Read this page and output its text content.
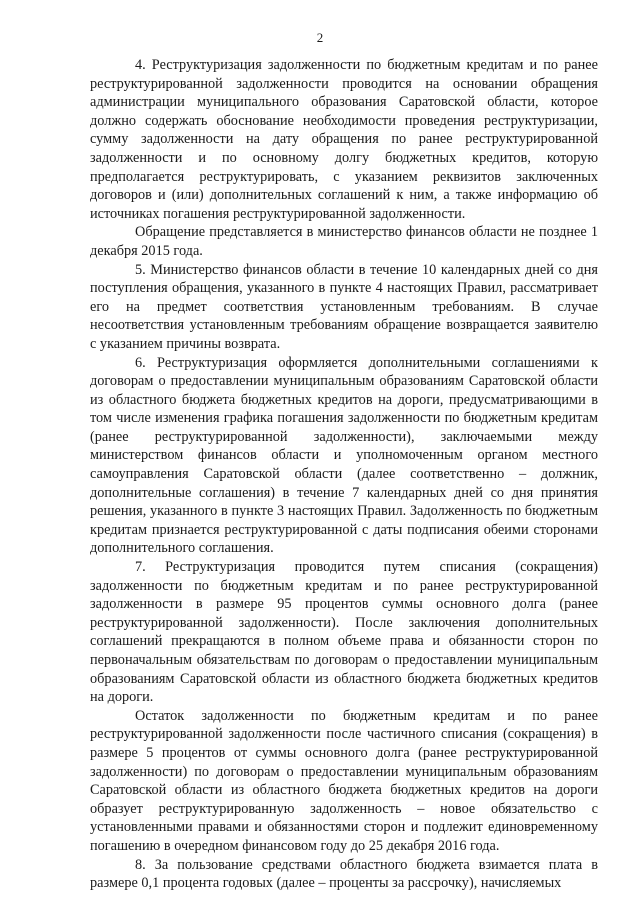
2

4. Реструктуризация задолженности по бюджетным кредитам и по ранее реструктурированной задолженности проводится на основании обращения администрации муниципального образования Саратовской области, которое должно содержать обоснование необходимости проведения реструктуризации, сумму задолженности на дату обращения по ранее реструктурированной задолженности и по основному долгу бюджетных кредитов, которую предполагается реструктурировать, с указанием реквизитов заключенных договоров и (или) дополнительных соглашений к ним, а также информацию об источниках погашения реструктурированной задолженности.

Обращение представляется в министерство финансов области не позднее 1 декабря 2015 года.

5. Министерство финансов области в течение 10 календарных дней со дня поступления обращения, указанного в пункте 4 настоящих Правил, рассматривает его на предмет соответствия установленным требованиям. В случае несоответствия установленным требованиям обращение возвращается заявителю с указанием причины возврата.

6. Реструктуризация оформляется дополнительными соглашениями к договорам о предоставлении муниципальным образованиям Саратовской области из областного бюджета бюджетных кредитов на дороги, предусматривающими в том числе изменения графика погашения задолженности по бюджетным кредитам (ранее реструктурированной задолженности), заключаемыми между министерством финансов области и уполномоченным органом местного самоуправления Саратовской области (далее соответственно – должник, дополнительные соглашения) в течение 7 календарных дней со дня принятия решения, указанного в пункте 3 настоящих Правил. Задолженность по бюджетным кредитам признается реструктурированной с даты подписания обеими сторонами дополнительного соглашения.

7. Реструктуризация проводится путем списания (сокращения) задолженности по бюджетным кредитам и по ранее реструктурированной задолженности в размере 95 процентов суммы основного долга (ранее реструктурированной задолженности). После заключения дополнительных соглашений прекращаются в полном объеме права и обязанности сторон по первоначальным обязательствам по договорам о предоставлении муниципальным образованиям Саратовской области из областного бюджета бюджетных кредитов на дороги.

Остаток задолженности по бюджетным кредитам и по ранее реструктурированной задолженности после частичного списания (сокращения) в размере 5 процентов от суммы основного долга (ранее реструктурированной задолженности) по договорам о предоставлении муниципальным образованиям Саратовской области из областного бюджета бюджетных кредитов на дороги образует реструктурированную задолженность – новое обязательство с установленными правами и обязанностями сторон и подлежит единовременному погашению в очередном финансовом году до 25 декабря 2016 года.

8. За пользование средствами областного бюджета взимается плата в размере 0,1 процента годовых (далее – проценты за рассрочку), начисляемых
